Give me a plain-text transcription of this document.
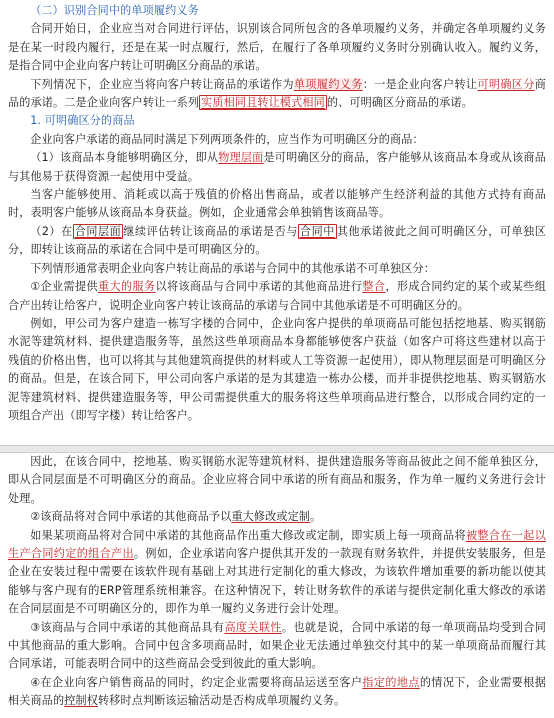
（二）识别合同中的单项履约义务

合同开始日，企业应当对合同进行评估，识别该合同所包含的各单项履约义务，并确定各单项履约义务是在某一时段内履行，还是在某一时点履行，然后，在履行了各单项履约义务时分别确认收入。履约义务，是指合同中企业向客户转让可明确区分商品的承诺。

下列情况下，企业应当将向客户转让商品的承诺作为单项履约义务：一是企业向客户转让可明确区分商品的承诺。二是企业向客户转让一系列 实质相同且转让模式相同 的、可明确区分商品的承诺。

1. 可明确区分的商品

企业向客户承诺的商品同时满足下列两项条件的，应当作为可明确区分的商品：

（1）该商品本身能够明确区分，即从物理层面是可明确区分的商品，客户能够从该商品本身或从该商品与其他易于获得资源一起使用中受益。

当客户能够使用、消耗或以高于残值的价格出售商品，或者以能够产生经济利益的其他方式持有商品时，表明客户能够从该商品本身获益。例如，企业通常会单独销售该商品等。

（2）在 合同层面 继续评估转让该商品的承诺是否与 合同中 其他承诺彼此之间可明确区分，可单独区分，即转让该商品的承诺在合同中是可明确区分的。

下列情形通常表明企业向客户转让商品的承诺与合同中的其他承诺不可单独区分：

①企业需提供重大的服务以将该商品与合同中承诺的其他商品进行整合，形成合同约定的某个或某些组合产出转让给客户，说明企业向客户转让该商品的承诺与合同中其他承诺是不可明确区分的。

例如，甲公司为客户建造一栋写字楼的合同中，企业向客户提供的单项商品可能包括挖地基、购买钢筋水泥等建筑材料、提供建造服务等，虽然这些单项商品本身都能够使客户获益（如客户可将这些建材以高于残值的价格出售，也可以将其与其他建筑商提供的材料或人工等资源一起使用），即从物理层面是可明确区分的商品。但是，在该合同下，甲公司向客户承诺的是为其建造一栋办公楼，而并非提供挖地基、购买钢筋水泥等建筑材料、提供建造服务等，甲公司需提供重大的服务将这些单项商品进行整合，以形成合同约定的一项组合产出（即写字楼）转让给客户。

因此，在该合同中，挖地基、购买钢筋水泥等建筑材料、提供建造服务等商品彼此之间不能单独区分，即从合同层面是不可明确区分的商品。企业应将合同中承诺的所有商品和服务，作为单一履约义务进行会计处理。

②该商品将对合同中承诺的其他商品予以重大修改或定制。

如果某项商品将对合同中承诺的其他商品作出重大修改或定制，即实质上每一项商品将被整合在一起以生产合同约定的组合产出。例如，企业承诺向客户提供其开发的一款现有财务软件，并提供安装服务，但是企业在安装过程中需要在该软件现有基础上对其进行定制化的重大修改，为该软件增加重要的新功能以使其能够与客户现有的ERP管理系统相兼容。在这种情况下，转让财务软件的承诺与提供定制化重大修改的承诺在合同层面是不可明确区分的，即作为单一履约义务进行会计处理。

③该商品与合同中承诺的其他商品具有高度关联性。也就是说，合同中承诺的每一单项商品均受到合同中其他商品的重大影响。合同中包含多项商品时，如果企业无法通过单独交付其中的某一单项商品而履行其合同承诺，可能表明合同中的这些商品会受到彼此的重大影响。

④在企业向客户销售商品的同时，约定企业需要将商品运送至客户指定的地点的情况下，企业需要根据相关商品的控制权转移时点判断该运输活动是否构成单项履约义务。
